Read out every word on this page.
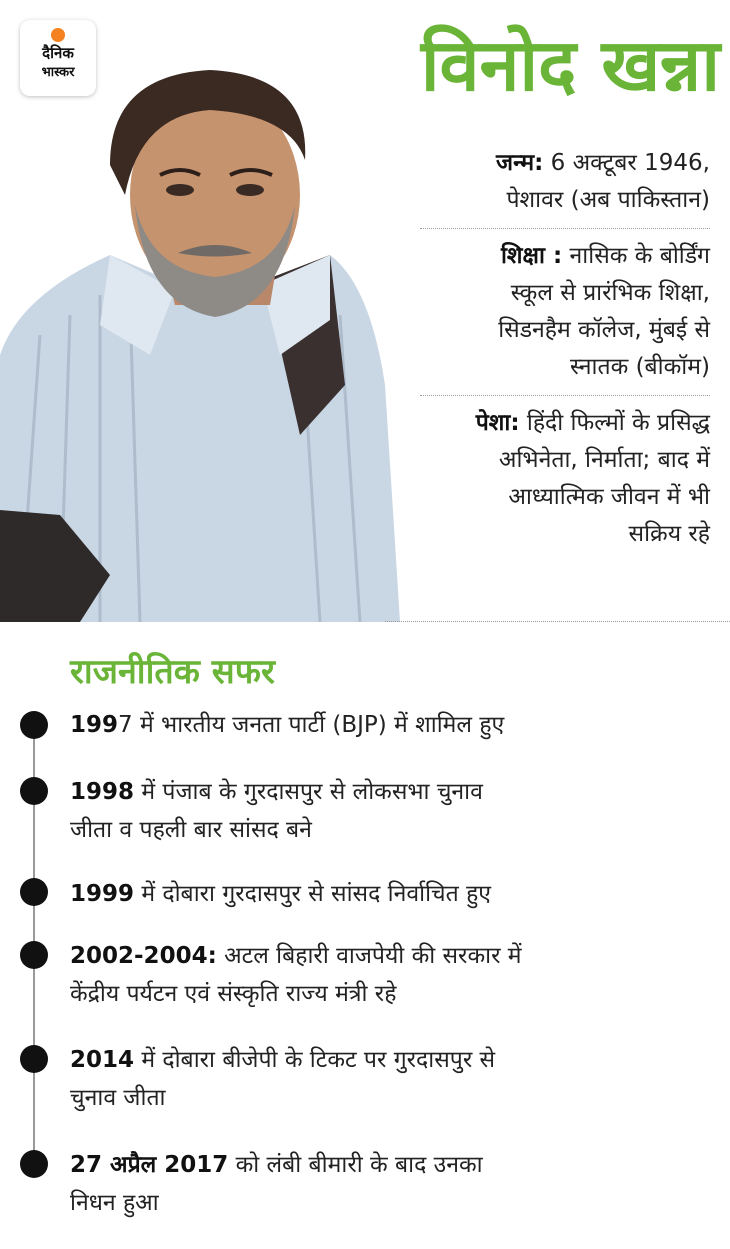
दैनिक
भास्कर	विनोद खन्ना
जन्म: 6 अक्टूबर 1946,
पेशावर (अब पाकिस्तान)
शिक्षा : नासिक के बोर्डिंग
स्कूल से प्रारंभिक शिक्षा,
सिडनहैम कॉलेज, मुंबई से
स्नातक (बीकॉम)
पेशा: हिंदी फिल्मों के प्रसिद्ध
अभिनेता, निर्माता; बाद में
आध्यात्मिक जीवन में भी
सक्रिय रहे
राजनीतिक सफर
1997 में भारतीय जनता पार्टी (BJP) में शामिल हुए
1998 में पंजाब के गुरदासपुर से लोकसभा चुनाव
जीता व पहली बार सांसद बने
1999 में दोबारा गुरदासपुर से सांसद निर्वाचित हुए
2002-2004: अटल बिहारी वाजपेयी की सरकार में
केंद्रीय पर्यटन एवं संस्कृति राज्य मंत्री रहे
2014 में दोबारा बीजेपी के टिकट पर गुरदासपुर से
चुनाव जीता
27 अप्रैल 2017 को लंबी बीमारी के बाद उनका
निधन हुआ
